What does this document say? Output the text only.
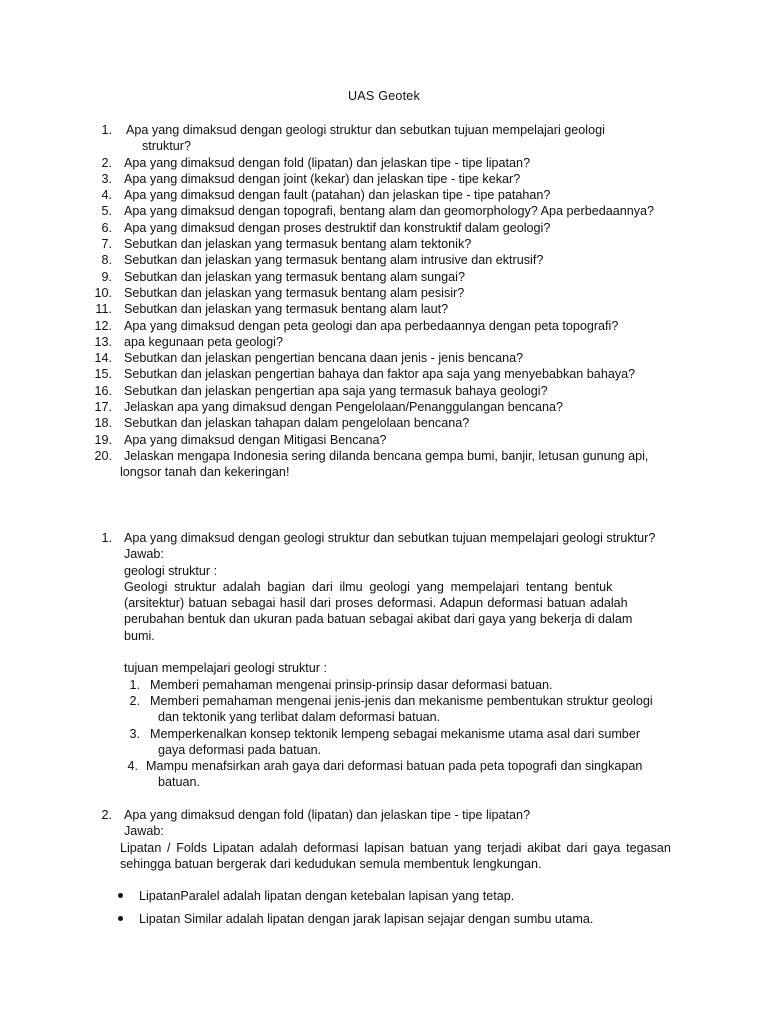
UAS Geotek
1. Apa yang dimaksud dengan geologi struktur dan sebutkan tujuan mempelajari geologi
struktur?
2. Apa yang dimaksud dengan fold (lipatan) dan jelaskan tipe - tipe lipatan?
3. Apa yang dimaksud dengan joint (kekar) dan jelaskan tipe - tipe kekar?
4. Apa yang dimaksud dengan fault (patahan) dan jelaskan tipe - tipe patahan?
5. Apa yang dimaksud dengan topografi, bentang alam dan geomorphology? Apa perbedaannya?
6. Apa yang dimaksud dengan proses destruktif dan konstruktif dalam geologi?
7. Sebutkan dan jelaskan yang termasuk bentang alam tektonik?
8. Sebutkan dan jelaskan yang termasuk bentang alam intrusive dan ektrusif?
9. Sebutkan dan jelaskan yang termasuk bentang alam sungai?
10. Sebutkan dan jelaskan yang termasuk bentang alam pesisir?
11. Sebutkan dan jelaskan yang termasuk bentang alam laut?
12. Apa yang dimaksud dengan peta geologi dan apa perbedaannya dengan peta topografi?
13. apa kegunaan peta geologi?
14. Sebutkan dan jelaskan pengertian bencana daan jenis - jenis bencana?
15. Sebutkan dan jelaskan pengertian bahaya dan faktor apa saja yang menyebabkan bahaya?
16. Sebutkan dan jelaskan pengertian apa saja yang termasuk bahaya geologi?
17. Jelaskan apa yang dimaksud dengan Pengelolaan/Penanggulangan bencana?
18. Sebutkan dan jelaskan tahapan dalam pengelolaan bencana?
19. Apa yang dimaksud dengan Mitigasi Bencana?
20. Jelaskan mengapa Indonesia sering dilanda bencana gempa bumi, banjir, letusan gunung api,
longsor tanah dan kekeringan!
1. Apa yang dimaksud dengan geologi struktur dan sebutkan tujuan mempelajari geologi struktur?
Jawab:
geologi struktur :
Geologi struktur adalah bagian dari ilmu geologi yang mempelajari tentang bentuk
(arsitektur) batuan sebagai hasil dari proses deformasi. Adapun deformasi batuan adalah
perubahan bentuk dan ukuran pada batuan sebagai akibat dari gaya yang bekerja di dalam
bumi.
tujuan mempelajari geologi struktur :
1. Memberi pemahaman mengenai prinsip-prinsip dasar deformasi batuan.
2. Memberi pemahaman mengenai jenis-jenis dan mekanisme pembentukan struktur geologi
dan tektonik yang terlibat dalam deformasi batuan.
3. Memperkenalkan konsep tektonik lempeng sebagai mekanisme utama asal dari sumber
gaya deformasi pada batuan.
4. Mampu menafsirkan arah gaya dari deformasi batuan pada peta topografi dan singkapan
batuan.
2. Apa yang dimaksud dengan fold (lipatan) dan jelaskan tipe - tipe lipatan?
Jawab:
Lipatan / Folds Lipatan adalah deformasi lapisan batuan yang terjadi akibat dari gaya tegasan
sehingga batuan bergerak dari kedudukan semula membentuk lengkungan.
LipatanParalel adalah lipatan dengan ketebalan lapisan yang tetap.
Lipatan Similar adalah lipatan dengan jarak lapisan sejajar dengan sumbu utama.
